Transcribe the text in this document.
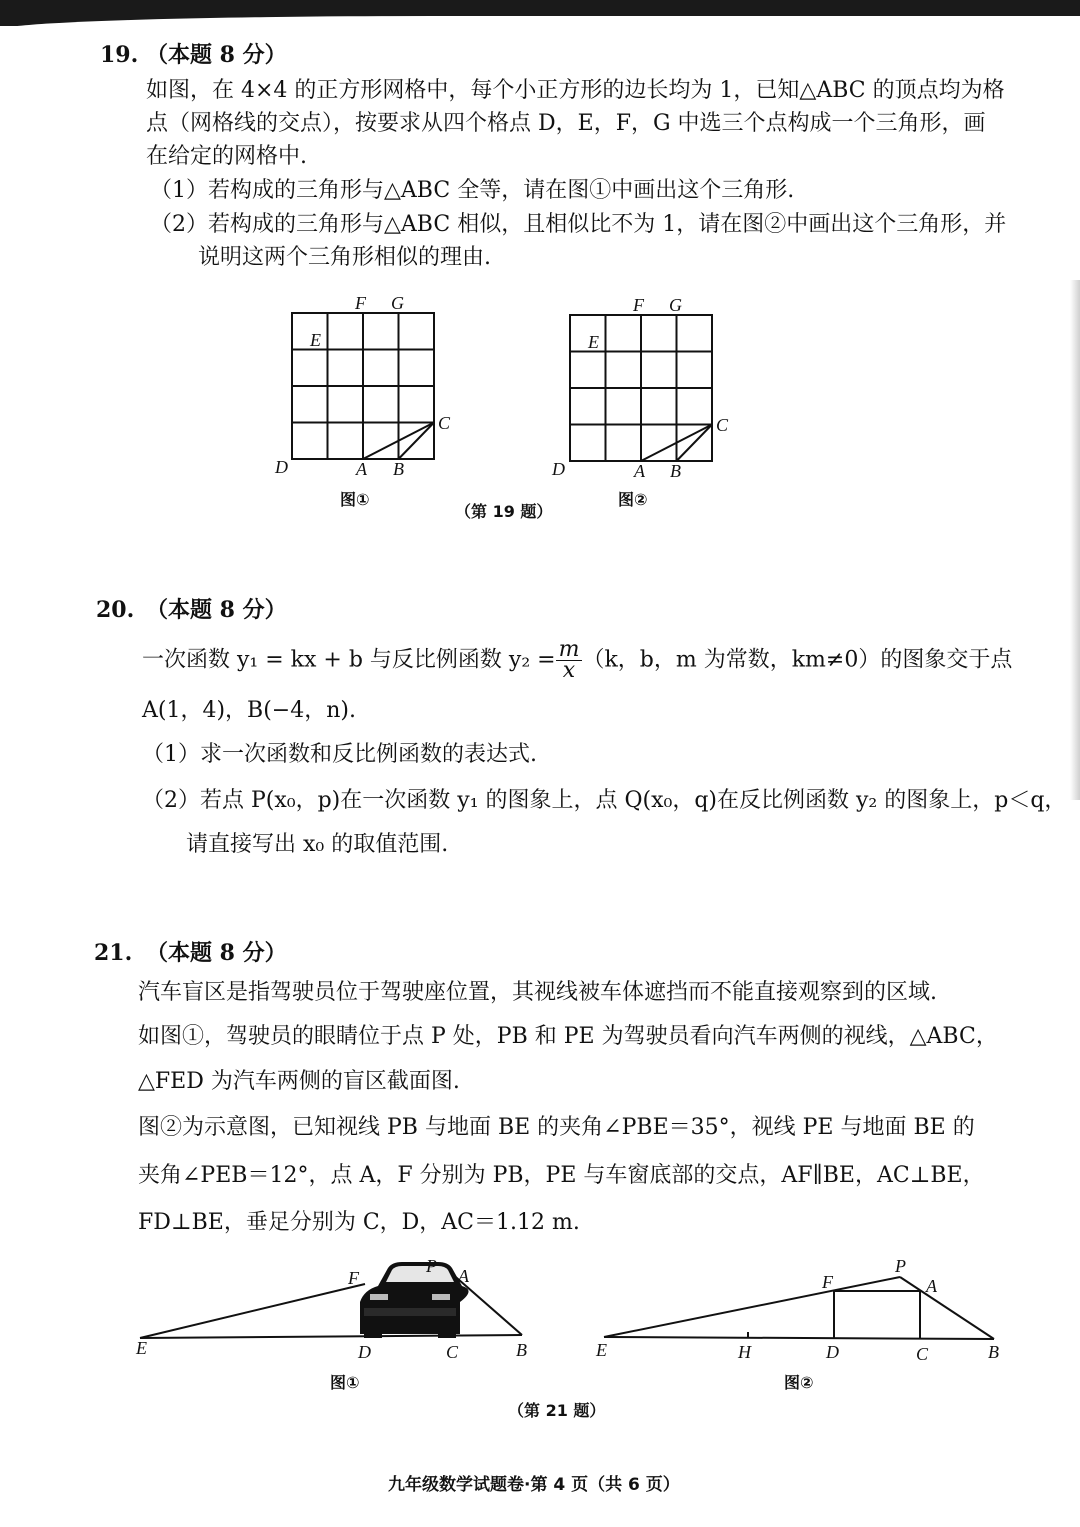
19. （本题 8 分）
如图，在 4×4 的正方形网格中，每个小正方形的边长均为 1，已知△ABC 的顶点均为格
点（网格线的交点），按要求从四个格点 D，E，F，G 中选三个点构成一个三角形，画
在给定的网格中.
（1）若构成的三角形与△ABC 全等，请在图①中画出这个三角形.
（2）若构成的三角形与△ABC 相似，且相似比不为 1，请在图②中画出这个三角形，并
说明这两个三角形相似的理由.
F G
E
D	A B
C
图①
F G
E
D	A B
C
图②
（第 19 题）
20. （本题 8 分）
一次函数 y₁ = kx + b 与反比例函数 $y_2 = \frac{m}{x} (k$，b，m 为常数，km≠0）的图象交于点
A(1，4)，B(−4，n).
（1）求一次函数和反比例函数的表达式.
（2）若点 P(x₀，p)在一次函数 y₁ 的图象上，点 Q(x₀，q)在反比例函数 y₂ 的图象上，p＜q，
请直接写出 x₀ 的取值范围.
21. （本题 8 分）
汽车盲区是指驾驶员位于驾驶座位置，其视线被车体遮挡而不能直接观察到的区域.
如图①，驾驶员的眼睛位于点 P 处，PB 和 PE 为驾驶员看向汽车两侧的视线，△ABC，
△FED 为汽车两侧的盲区截面图.
图②为示意图，已知视线 PB 与地面 BE 的夹角∠PBE＝35°，视线 PE 与地面 BE 的
夹角∠PEB＝12°，点 A，F 分别为 PB，PE 与车窗底部的交点，AF∥BE，AC⊥BE，
FD⊥BE，垂足分别为 C，D，AC＝1.12 m.
E	D	C	B
F
P A
图①
E	H	D	C	B
F
P
A
图②
（第 21 题）
九年级数学试题卷·第 4 页（共 6 页）
